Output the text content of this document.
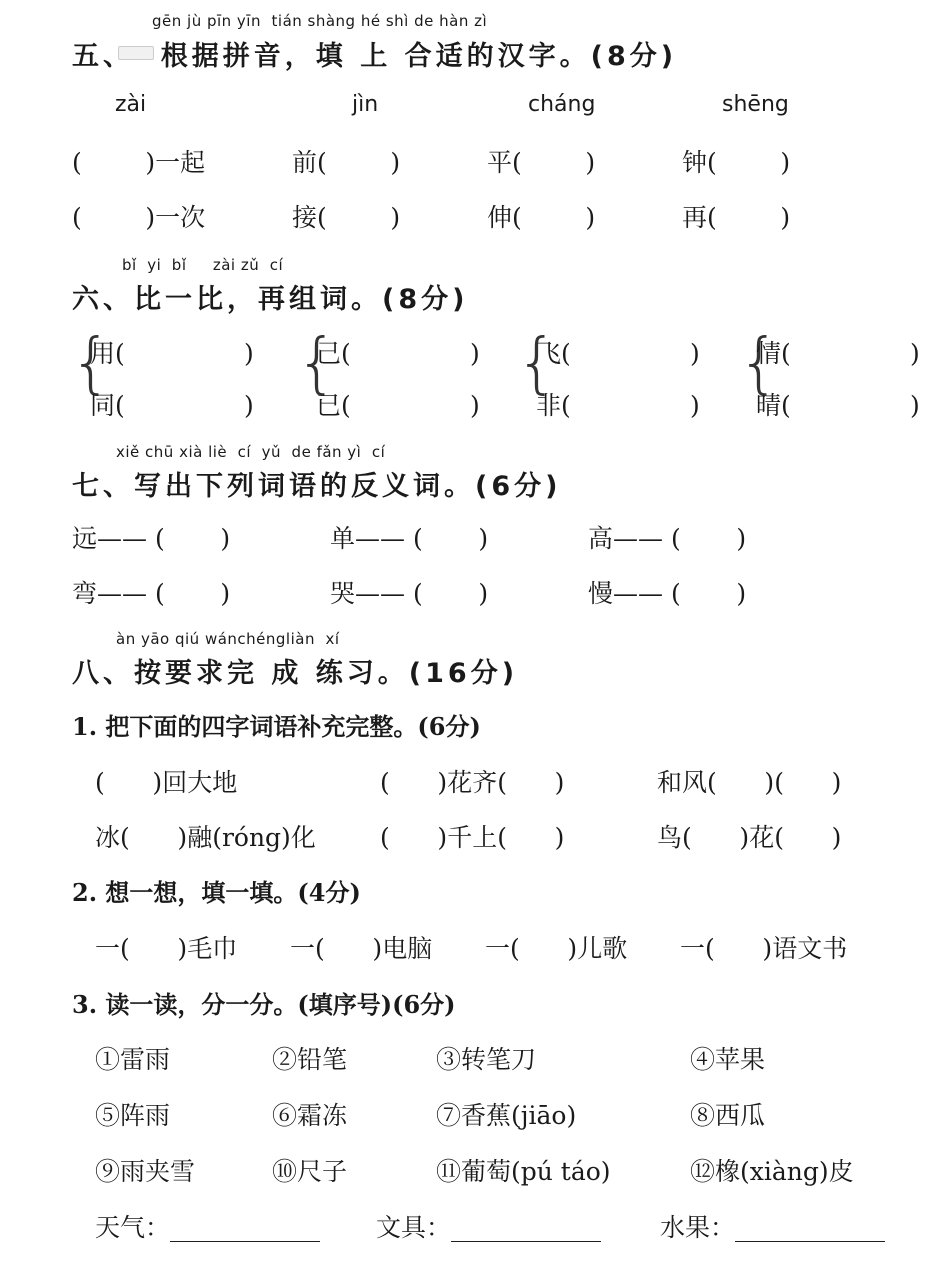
gēn jù pīn yīn  tián shàng hé shì de hàn zì
五、  根据拼音，填 上 合适的汉字。(8分)
zài	jìn	cháng	shēng
(        )一起	前(        )	平(        )	钟(        )
(        )一次	接(        )	伸(        )	再(        )
bǐ  yi  bǐ     zài zǔ  cí
六、比一比，再组词。(8分)
{
用(               )
同(               )
{
己(               )
已(               )
{
飞(               )
非(               )
{
情(               )
晴(               )
xiě chū xià liè  cí  yǔ  de fǎn yì  cí
七、写出下列词语的反义词。(6分)
远—— (       )	单—— (       )	高—— (       )
弯—— (       )	哭—— (       )	慢—— (       )
àn yāo qiú wánchéngliàn  xí
八、按要求完 成 练习。(16分)
1. 把下面的四字词语补充完整。(6分)
(      )回大地	(      )花齐(      )	和风(      )(      )
冰(      )融(róng)化	(      )千上(      )	鸟(      )花(      )
2. 想一想，填一填。(4分)
一(      )毛巾 一(      )电脑 一(      )儿歌 一(      )语文书
3. 读一读，分一分。(填序号)(6分)
①雷雨	②铅笔	③转笔刀	④苹果
⑤阵雨	⑥霜冻	⑦香蕉(jiāo)	⑧西瓜
⑨雨夹雪	⑩尺子	⑪葡萄(pú táo)	⑫橡(xiàng)皮
天气：____________ 文具：____________ 水果：____________
